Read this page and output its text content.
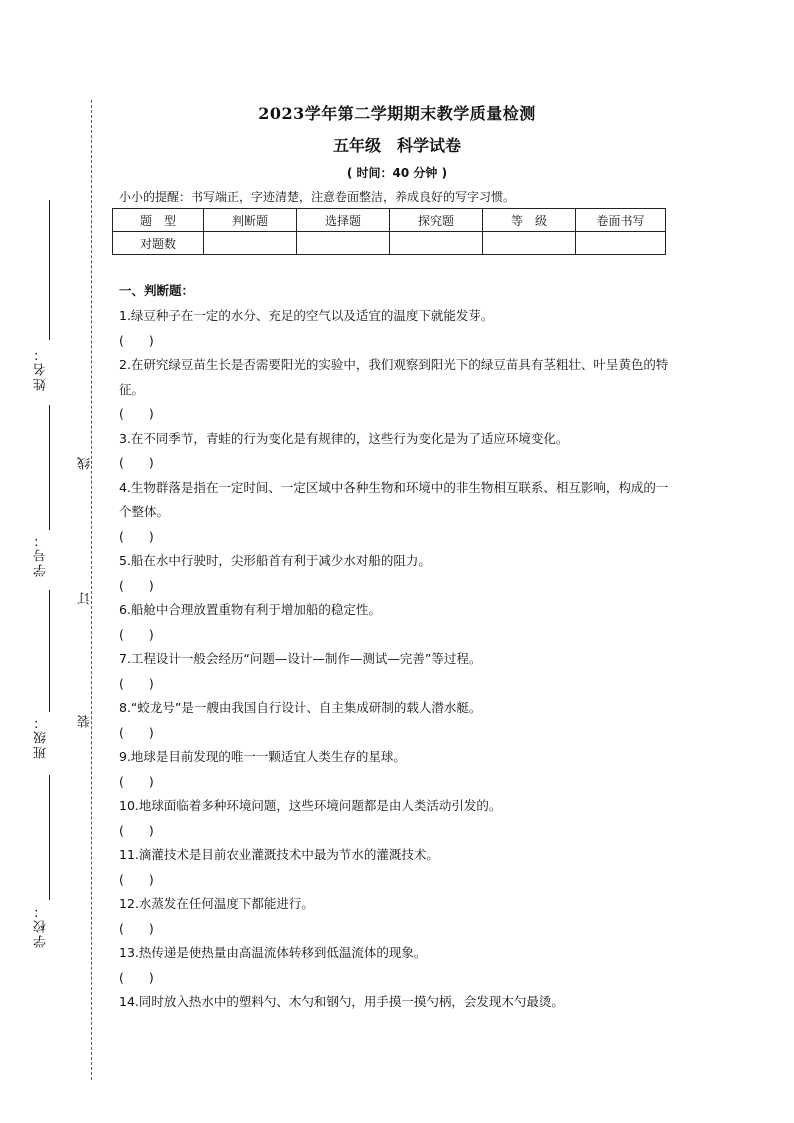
姓名：
学号：
班级：
学校：
线
订
装
2023学年第二学期期末教学质量检测
五年级　科学试卷
( 时间：40 分钟 )
小小的提醒：书写端正，字迹清楚，注意卷面整洁，养成良好的写字习惯。
题　型	判断题	选择题	探究题	等　级	卷面书写
对题数					
一、判断题：

1.绿豆种子在一定的水分、充足的空气以及适宜的温度下就能发芽。

(　　)

2.在研究绿豆苗生长是否需要阳光的实验中，我们观察到阳光下的绿豆苗具有茎粗壮、叶呈黄色的特征。

(　　)

3.在不同季节，青蛙的行为变化是有规律的，这些行为变化是为了适应环境变化。

(　　)

4.生物群落是指在一定时间、一定区域中各种生物和环境中的非生物相互联系、相互影响，构成的一个整体。

(　　)

5.船在水中行驶时，尖形船首有利于减少水对船的阻力。

(　　)

6.船舱中合理放置重物有利于增加船的稳定性。

(　　)

7.工程设计一般会经历“问题—设计—制作—测试—完善”等过程。

(　　)

8.“蛟龙号”是一艘由我国自行设计、自主集成研制的载人潜水艇。

(　　)

9.地球是目前发现的唯一一颗适宜人类生存的星球。

(　　)

10.地球面临着多种环境问题，这些环境问题都是由人类活动引发的。

(　　)

11.滴灌技术是目前农业灌溉技术中最为节水的灌溉技术。

(　　)

12.水蒸发在任何温度下都能进行。

(　　)

13.热传递是使热量由高温流体转移到低温流体的现象。

(　　)

14.同时放入热水中的塑料勺、木勺和钢勺，用手摸一摸勺柄，会发现木勺最烫。
